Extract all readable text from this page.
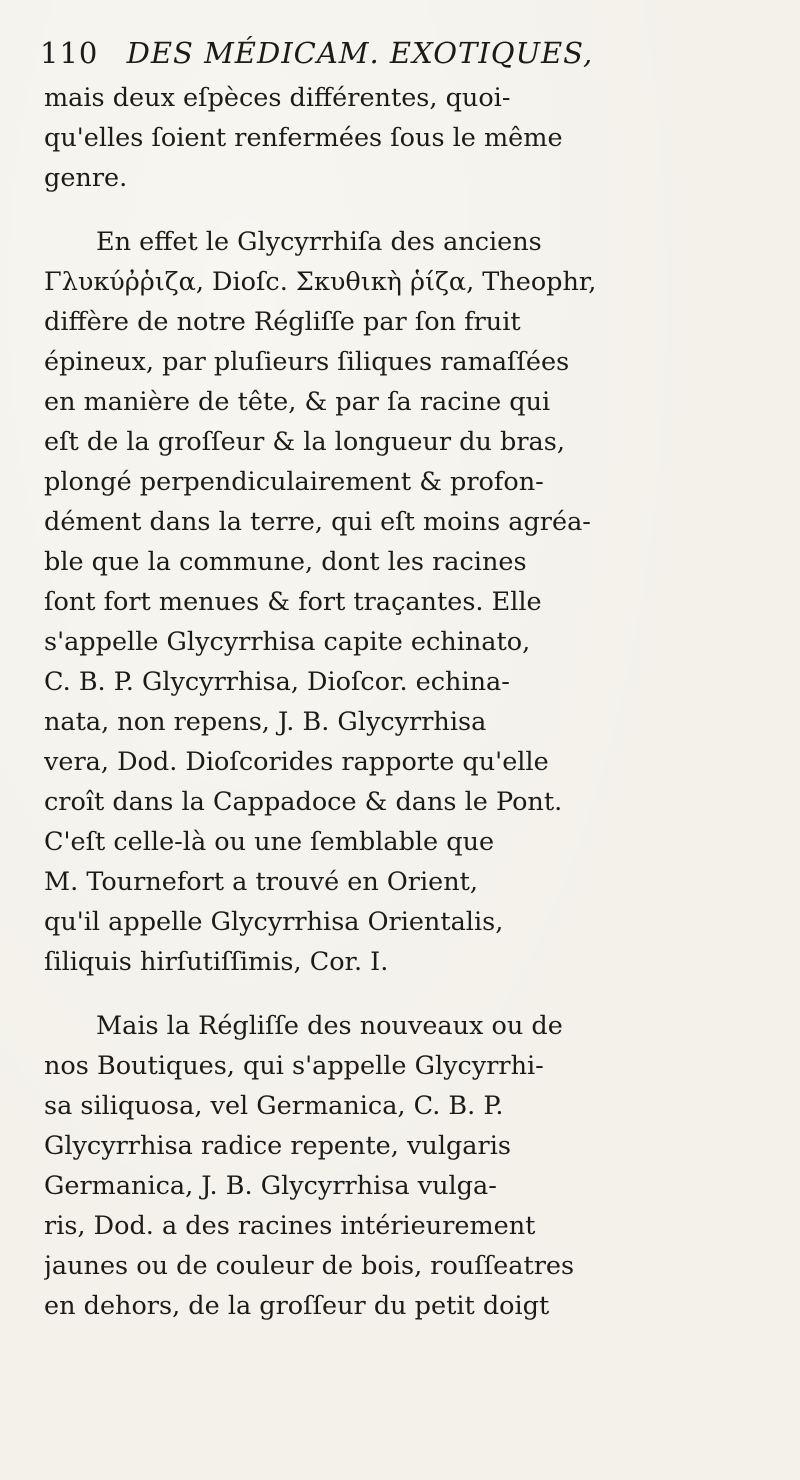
110 DES MÉDICAM. EXOTIQUES,
mais deux eſpèces différentes, quoi-
qu'elles ſoient renfermées ſous le même
genre.
En effet le Glycyrrhiſa des anciens
Γλυκύῤῥιζα, Dioſc. Σκυθικὴ ῥίζα, Theophr,
diffère de notre Régliſſe par ſon fruit
épineux, par pluſieurs ſiliques ramaſſées
en manière de tête, & par ſa racine qui
eſt de la groſſeur & la longueur du bras,
plongé perpendiculairement & profon-
dément dans la terre, qui eſt moins agréa-
ble que la commune, dont les racines
ſont fort menues & fort traçantes. Elle
s'appelle Glycyrrhisa capite echinato,
C. B. P. Glycyrrhisa, Dioſcor. echina-
nata, non repens, J. B. Glycyrrhisa
vera, Dod. Dioſcorides rapporte qu'elle
croît dans la Cappadoce & dans le Pont.
C'eſt celle-là ou une ſemblable que
M. Tournefort a trouvé en Orient,
qu'il appelle Glycyrrhisa Orientalis,
ſiliquis hirſutiſſimis, Cor. I.
Mais la Régliſſe des nouveaux ou de
nos Boutiques, qui s'appelle Glycyrrhi-
sa siliquosa, vel Germanica, C. B. P.
Glycyrrhisa radice repente, vulgaris
Germanica, J. B. Glycyrrhisa vulga-
ris, Dod. a des racines intérieurement
jaunes ou de couleur de bois, rouſſeatres
en dehors, de la groſſeur du petit doigt
